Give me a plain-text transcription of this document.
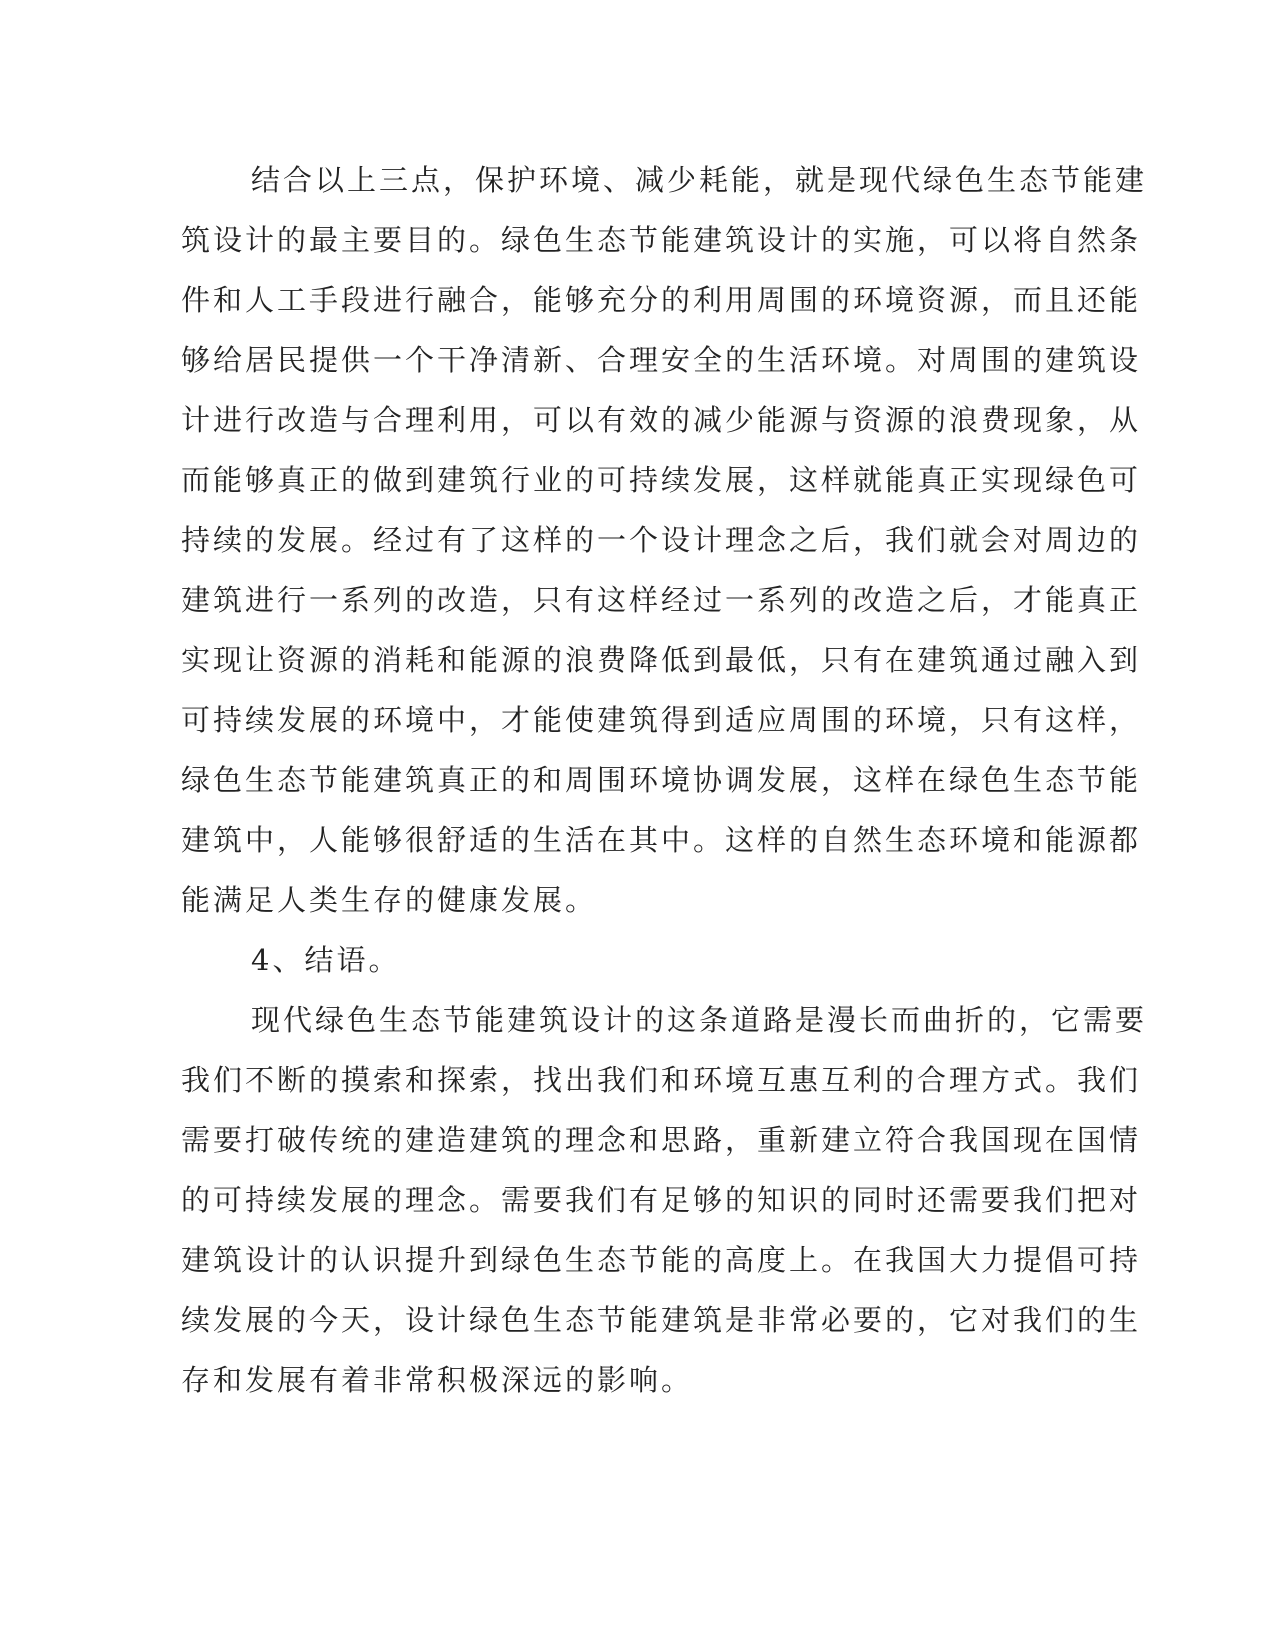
结合以上三点，保护环境、减少耗能，就是现代绿色生态节能建
筑设计的最主要目的。绿色生态节能建筑设计的实施，可以将自然条
件和人工手段进行融合，能够充分的利用周围的环境资源，而且还能
够给居民提供一个干净清新、合理安全的生活环境。对周围的建筑设
计进行改造与合理利用，可以有效的减少能源与资源的浪费现象，从
而能够真正的做到建筑行业的可持续发展，这样就能真正实现绿色可
持续的发展。经过有了这样的一个设计理念之后，我们就会对周边的
建筑进行一系列的改造，只有这样经过一系列的改造之后，才能真正
实现让资源的消耗和能源的浪费降低到最低，只有在建筑通过融入到
可持续发展的环境中，才能使建筑得到适应周围的环境，只有这样，
绿色生态节能建筑真正的和周围环境协调发展，这样在绿色生态节能
建筑中，人能够很舒适的生活在其中。这样的自然生态环境和能源都
能满足人类生存的健康发展。
4、结语。
现代绿色生态节能建筑设计的这条道路是漫长而曲折的，它需要
我们不断的摸索和探索，找出我们和环境互惠互利的合理方式。我们
需要打破传统的建造建筑的理念和思路，重新建立符合我国现在国情
的可持续发展的理念。需要我们有足够的知识的同时还需要我们把对
建筑设计的认识提升到绿色生态节能的高度上。在我国大力提倡可持
续发展的今天，设计绿色生态节能建筑是非常必要的，它对我们的生
存和发展有着非常积极深远的影响。
